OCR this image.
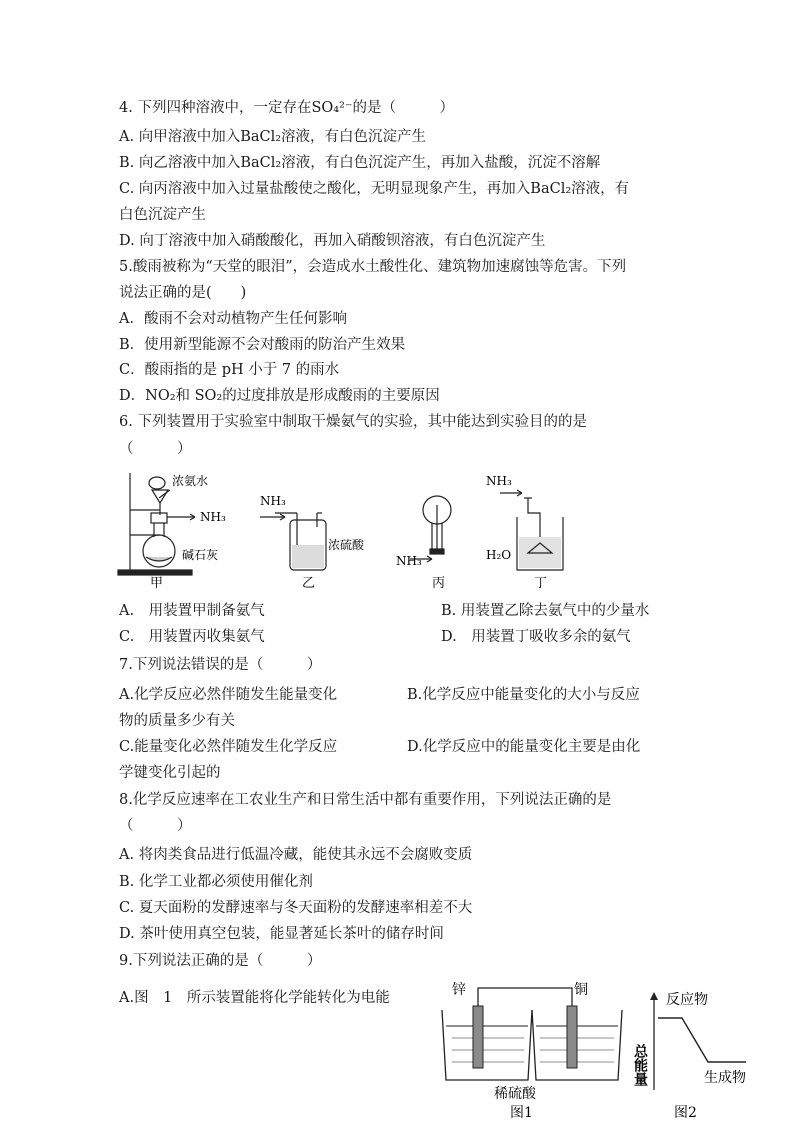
4. 下列四种溶液中，一定存在SO₄²⁻的是（　　　）
A. 向甲溶液中加入BaCl₂溶液，有白色沉淀产生
B. 向乙溶液中加入BaCl₂溶液，有白色沉淀产生，再加入盐酸，沉淀不溶解
C. 向丙溶液中加入过量盐酸使之酸化，无明显现象产生，再加入BaCl₂溶液，有
白色沉淀产生
D. 向丁溶液中加入硝酸酸化，再加入硝酸钡溶液，有白色沉淀产生
5.酸雨被称为“天堂的眼泪”，会造成水土酸性化、建筑物加速腐蚀等危害。下列
说法正确的是(　　)
A．酸雨不会对动植物产生任何影响
B．使用新型能源不会对酸雨的防治产生效果
C．酸雨指的是 pH 小于 7 的雨水
D．NO₂和 SO₂的过度排放是形成酸雨的主要原因
6. 下列装置用于实验室中制取干燥氨气的实验，其中能达到实验目的的是
（　　　）
浓氨水
NH₃
碱石灰
甲
NH₃
浓硫酸
乙
NH₃
丙
NH₃
H₂O
丁
A.　用装置甲制备氨气	B. 用装置乙除去氨气中的少量水
C.　用装置丙收集氨气	D.　用装置丁吸收多余的氨气
7.下列说法错误的是（　　　）
A.化学反应必然伴随发生能量变化	B.化学反应中能量变化的大小与反应
物的质量多少有关
C.能量变化必然伴随发生化学反应	D.化学反应中的能量变化主要是由化
学键变化引起的
8.化学反应速率在工农业生产和日常生活中都有重要作用，下列说法正确的是
（　　　）
A. 将肉类食品进行低温冷藏，能使其永远不会腐败变质
B. 化学工业都必须使用催化剂
C. 夏天面粉的发酵速率与冬天面粉的发酵速率相差不大
D. 茶叶使用真空包装，能显著延长茶叶的储存时间
9.下列说法正确的是（　　　）
A.图　1　所示装置能将化学能转化为电能	锌	铜
稀硫酸
图1
总能量
反应物
生成物
图2
